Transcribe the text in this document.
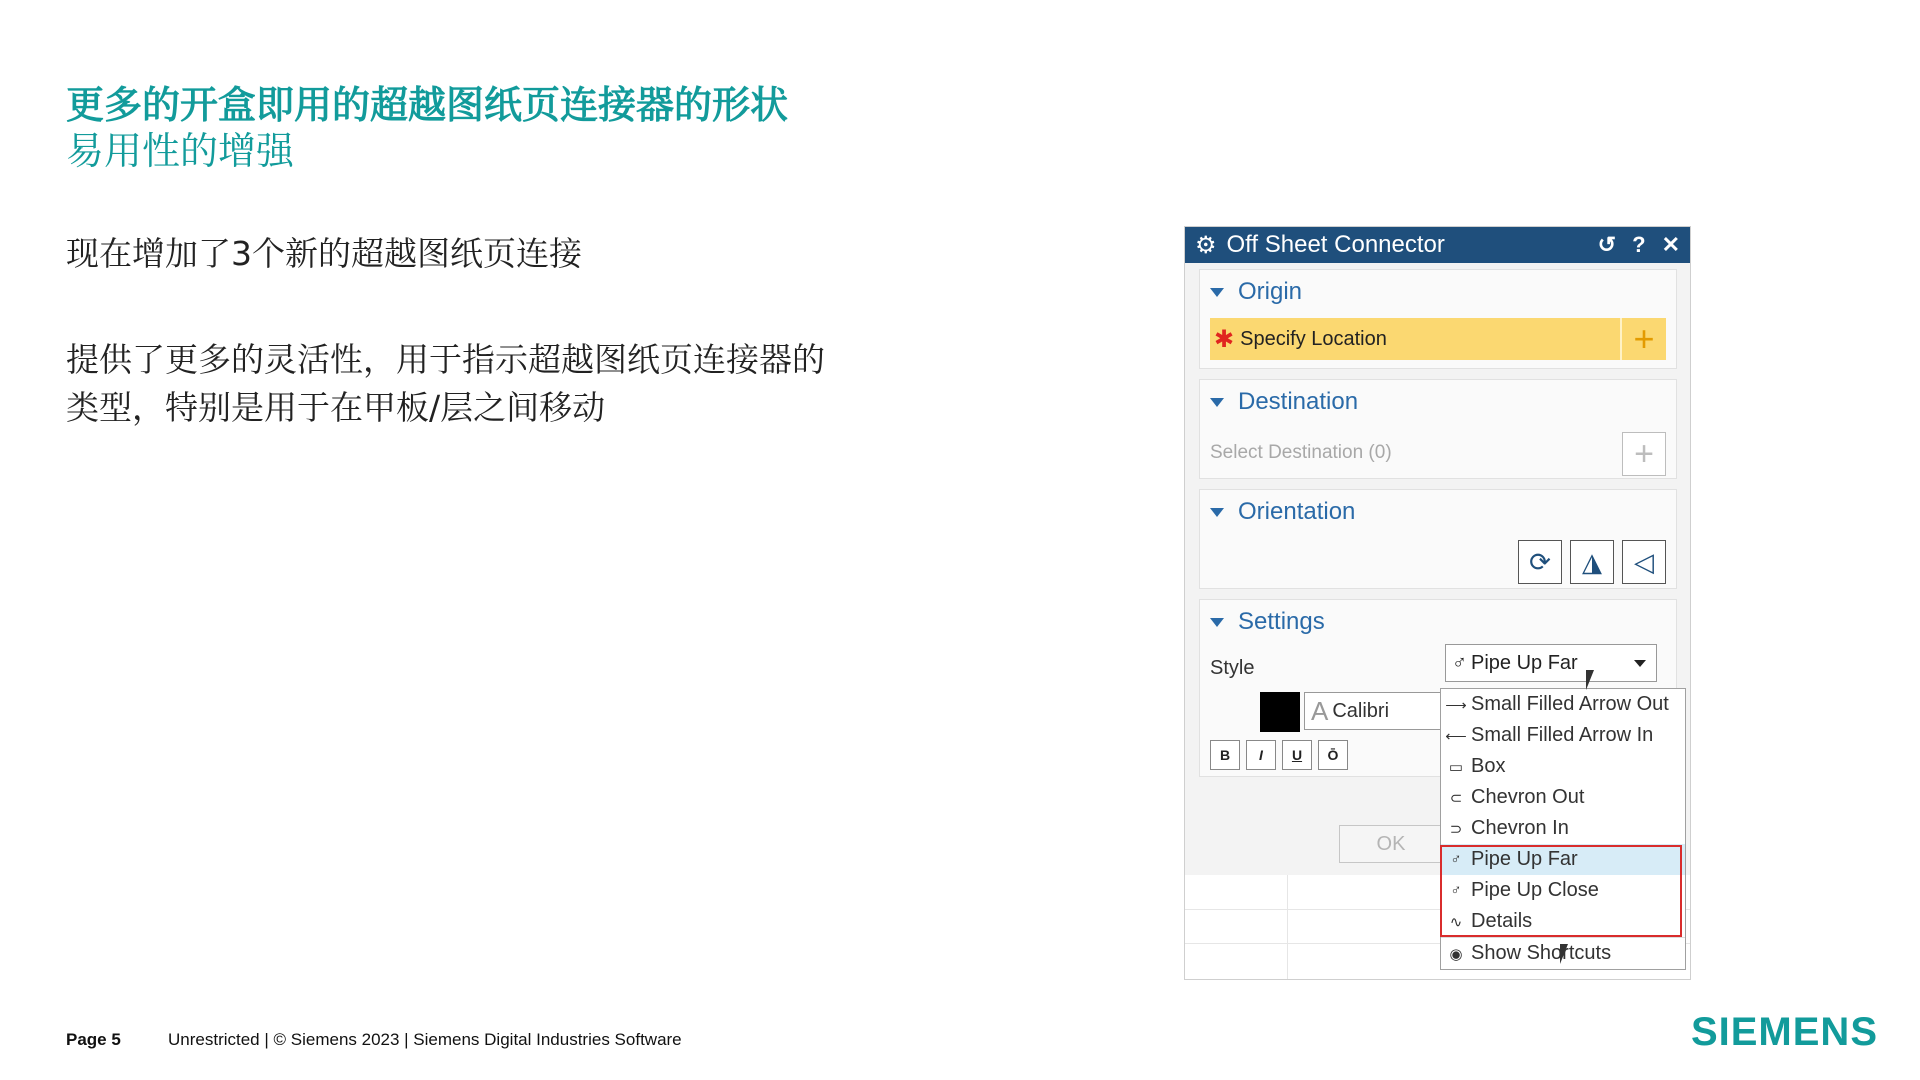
更多的开盒即用的超越图纸页连接器的形状
易用性的增强
现在增加了3个新的超越图纸页连接
提供了更多的灵活性，用于指示超越图纸页连接器的
类型，特别是用于在甲板/层之间移动
⚙ Off Sheet Connector	↺ ? ✕
Origin
✱ Specify Location	+
Destination
Select Destination (0)	+
Orientation
⟳	◮	◁
Settings
Style	♂ Pipe Up Far
A Calibri
B	I	U	Ō
OK
⟶ Small Filled Arrow Out
⟵ Small Filled Arrow In
▭ Box
⊂ Chevron Out
⊃ Chevron In
♂ Pipe Up Far
♂ Pipe Up Close
∿ Details
◉ Show Shortcuts
Page 5	Unrestricted | © Siemens 2023 | Siemens Digital Industries Software	SIEMENS
